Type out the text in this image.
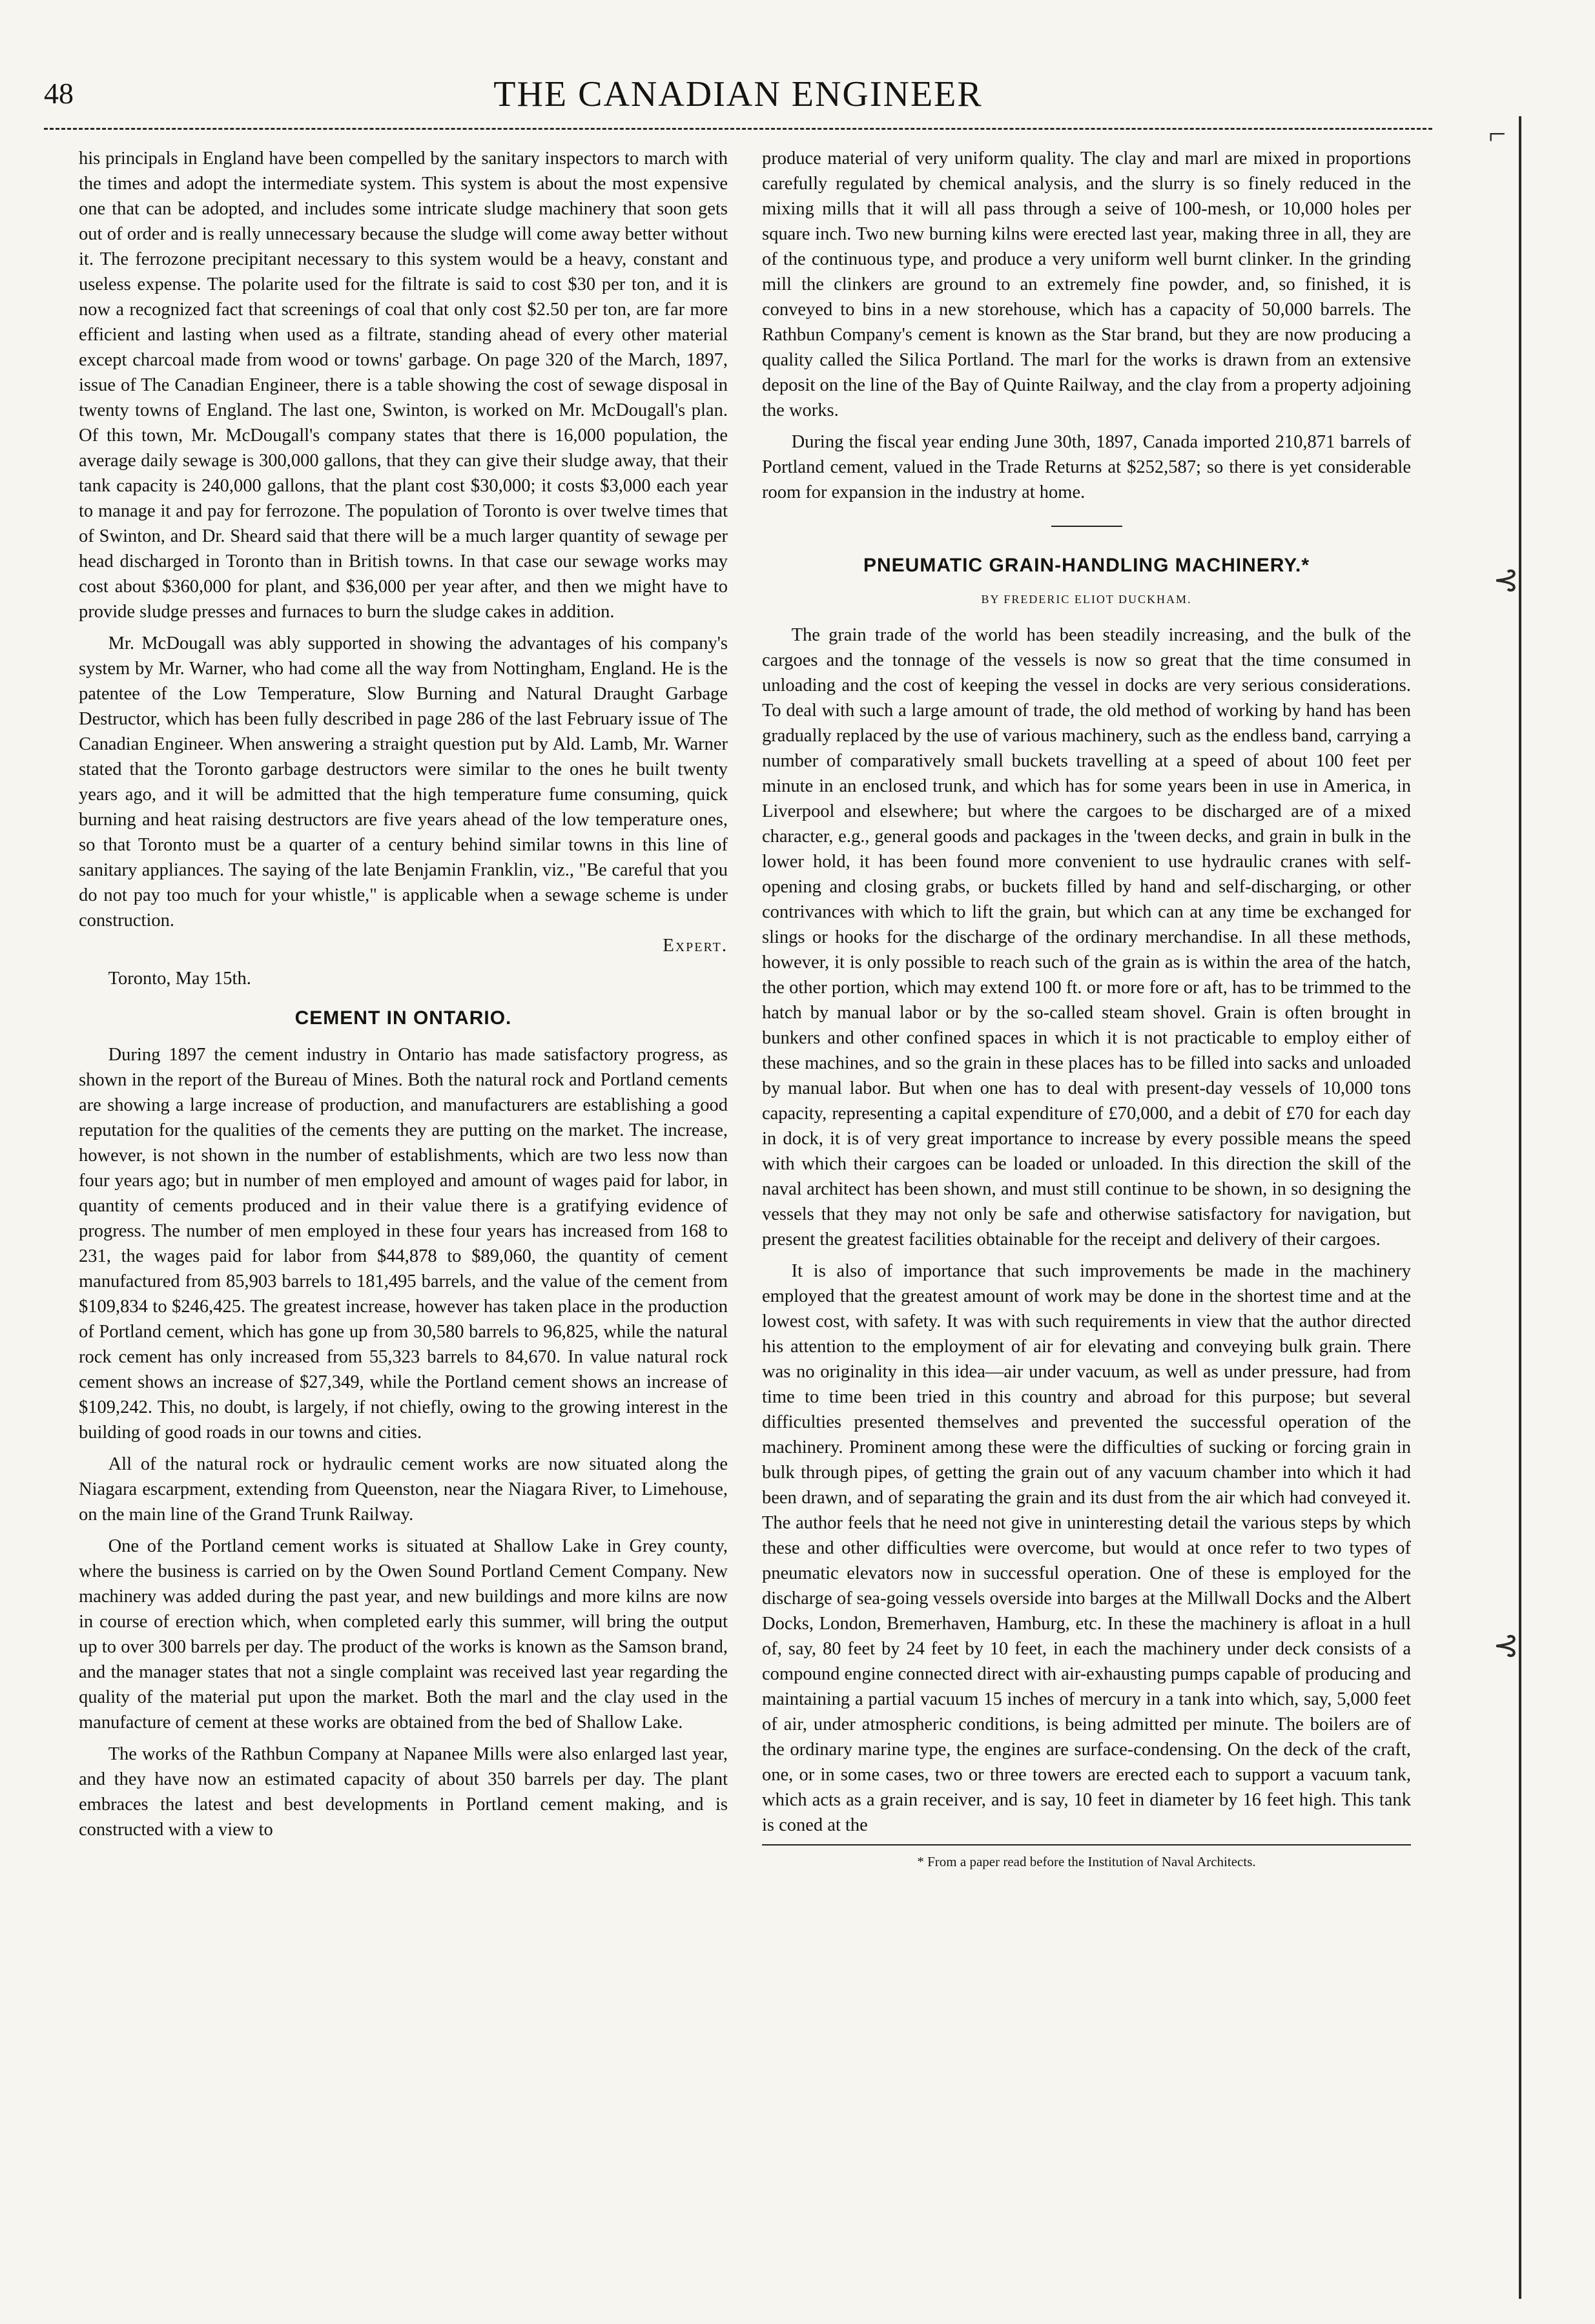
48	THE CANADIAN ENGINEER

his principals in England have been compelled by the sanitary inspectors to march with the times and adopt the intermediate system. This system is about the most expensive one that can be adopted, and includes some intricate sludge machinery that soon gets out of order and is really unnecessary because the sludge will come away better without it. The ferrozone precipitant necessary to this system would be a heavy, constant and useless expense. The polarite used for the filtrate is said to cost $30 per ton, and it is now a recognized fact that screenings of coal that only cost $2.50 per ton, are far more efficient and lasting when used as a filtrate, standing ahead of every other material except charcoal made from wood or towns' garbage. On page 320 of the March, 1897, issue of The Canadian Engineer, there is a table showing the cost of sewage disposal in twenty towns of England. The last one, Swinton, is worked on Mr. McDougall's plan. Of this town, Mr. McDougall's company states that there is 16,000 population, the average daily sewage is 300,000 gallons, that they can give their sludge away, that their tank capacity is 240,000 gallons, that the plant cost $30,000; it costs $3,000 each year to manage it and pay for ferrozone. The population of Toronto is over twelve times that of Swinton, and Dr. Sheard said that there will be a much larger quantity of sewage per head discharged in Toronto than in British towns. In that case our sewage works may cost about $360,000 for plant, and $36,000 per year after, and then we might have to provide sludge presses and furnaces to burn the sludge cakes in addition.

Mr. McDougall was ably supported in showing the advantages of his company's system by Mr. Warner, who had come all the way from Nottingham, England. He is the patentee of the Low Temperature, Slow Burning and Natural Draught Garbage Destructor, which has been fully described in page 286 of the last February issue of The Canadian Engineer. When answering a straight question put by Ald. Lamb, Mr. Warner stated that the Toronto garbage destructors were similar to the ones he built twenty years ago, and it will be admitted that the high temperature fume consuming, quick burning and heat raising destructors are five years ahead of the low temperature ones, so that Toronto must be a quarter of a century behind similar towns in this line of sanitary appliances. The saying of the late Benjamin Franklin, viz., "Be careful that you do not pay too much for your whistle," is applicable when a sewage scheme is under construction.

Expert.
Toronto, May 15th.
CEMENT IN ONTARIO.

During 1897 the cement industry in Ontario has made satisfactory progress, as shown in the report of the Bureau of Mines. Both the natural rock and Portland cements are showing a large increase of production, and manufacturers are establishing a good reputation for the qualities of the cements they are putting on the market. The increase, however, is not shown in the number of establishments, which are two less now than four years ago; but in number of men employed and amount of wages paid for labor, in quantity of cements produced and in their value there is a gratifying evidence of progress. The number of men employed in these four years has increased from 168 to 231, the wages paid for labor from $44,878 to $89,060, the quantity of cement manufactured from 85,903 barrels to 181,495 barrels, and the value of the cement from $109,834 to $246,425. The greatest increase, however has taken place in the production of Portland cement, which has gone up from 30,580 barrels to 96,825, while the natural rock cement has only increased from 55,323 barrels to 84,670. In value natural rock cement shows an increase of $27,349, while the Portland cement shows an increase of $109,242. This, no doubt, is largely, if not chiefly, owing to the growing interest in the building of good roads in our towns and cities.

All of the natural rock or hydraulic cement works are now situated along the Niagara escarpment, extending from Queenston, near the Niagara River, to Limehouse, on the main line of the Grand Trunk Railway.

One of the Portland cement works is situated at Shallow Lake in Grey county, where the business is carried on by the Owen Sound Portland Cement Company. New machinery was added during the past year, and new buildings and more kilns are now in course of erection which, when completed early this summer, will bring the output up to over 300 barrels per day. The product of the works is known as the Samson brand, and the manager states that not a single complaint was received last year regarding the quality of the material put upon the market. Both the marl and the clay used in the manufacture of cement at these works are obtained from the bed of Shallow Lake.

The works of the Rathbun Company at Napanee Mills were also enlarged last year, and they have now an estimated capacity of about 350 barrels per day. The plant embraces the latest and best developments in Portland cement making, and is constructed with a view to

produce material of very uniform quality. The clay and marl are mixed in proportions carefully regulated by chemical analysis, and the slurry is so finely reduced in the mixing mills that it will all pass through a seive of 100-mesh, or 10,000 holes per square inch. Two new burning kilns were erected last year, making three in all, they are of the continuous type, and produce a very uniform well burnt clinker. In the grinding mill the clinkers are ground to an extremely fine powder, and, so finished, it is conveyed to bins in a new storehouse, which has a capacity of 50,000 barrels. The Rathbun Company's cement is known as the Star brand, but they are now producing a quality called the Silica Portland. The marl for the works is drawn from an extensive deposit on the line of the Bay of Quinte Railway, and the clay from a property adjoining the works.

During the fiscal year ending June 30th, 1897, Canada imported 210,871 barrels of Portland cement, valued in the Trade Returns at $252,587; so there is yet considerable room for expansion in the industry at home.

PNEUMATIC GRAIN-HANDLING MACHINERY.*
BY FREDERIC ELIOT DUCKHAM.

The grain trade of the world has been steadily increasing, and the bulk of the cargoes and the tonnage of the vessels is now so great that the time consumed in unloading and the cost of keeping the vessel in docks are very serious considerations. To deal with such a large amount of trade, the old method of working by hand has been gradually replaced by the use of various machinery, such as the endless band, carrying a number of comparatively small buckets travelling at a speed of about 100 feet per minute in an enclosed trunk, and which has for some years been in use in America, in Liverpool and elsewhere; but where the cargoes to be discharged are of a mixed character, e.g., general goods and packages in the 'tween decks, and grain in bulk in the lower hold, it has been found more convenient to use hydraulic cranes with self-opening and closing grabs, or buckets filled by hand and self-discharging, or other contrivances with which to lift the grain, but which can at any time be exchanged for slings or hooks for the discharge of the ordinary merchandise. In all these methods, however, it is only possible to reach such of the grain as is within the area of the hatch, the other portion, which may extend 100 ft. or more fore or aft, has to be trimmed to the hatch by manual labor or by the so-called steam shovel. Grain is often brought in bunkers and other confined spaces in which it is not practicable to employ either of these machines, and so the grain in these places has to be filled into sacks and unloaded by manual labor. But when one has to deal with present-day vessels of 10,000 tons capacity, representing a capital expenditure of £70,000, and a debit of £70 for each day in dock, it is of very great importance to increase by every possible means the speed with which their cargoes can be loaded or unloaded. In this direction the skill of the naval architect has been shown, and must still continue to be shown, in so designing the vessels that they may not only be safe and otherwise satisfactory for navigation, but present the greatest facilities obtainable for the receipt and delivery of their cargoes.

It is also of importance that such improvements be made in the machinery employed that the greatest amount of work may be done in the shortest time and at the lowest cost, with safety. It was with such requirements in view that the author directed his attention to the employment of air for elevating and conveying bulk grain. There was no originality in this idea—air under vacuum, as well as under pressure, had from time to time been tried in this country and abroad for this purpose; but several difficulties presented themselves and prevented the successful operation of the machinery. Prominent among these were the difficulties of sucking or forcing grain in bulk through pipes, of getting the grain out of any vacuum chamber into which it had been drawn, and of separating the grain and its dust from the air which had conveyed it. The author feels that he need not give in uninteresting detail the various steps by which these and other difficulties were overcome, but would at once refer to two types of pneumatic elevators now in successful operation. One of these is employed for the discharge of sea-going vessels overside into barges at the Millwall Docks and the Albert Docks, London, Bremerhaven, Hamburg, etc. In these the machinery is afloat in a hull of, say, 80 feet by 24 feet by 10 feet, in each the machinery under deck consists of a compound engine connected direct with air-exhausting pumps capable of producing and maintaining a partial vacuum 15 inches of mercury in a tank into which, say, 5,000 feet of air, under atmospheric conditions, is being admitted per minute. The boilers are of the ordinary marine type, the engines are surface-condensing. On the deck of the craft, one, or in some cases, two or three towers are erected each to support a vacuum tank, which acts as a grain receiver, and is say, 10 feet in diameter by 16 feet high. This tank is coned at the

* From a paper read before the Institution of Naval Architects.
⌐
⊰
⊰
